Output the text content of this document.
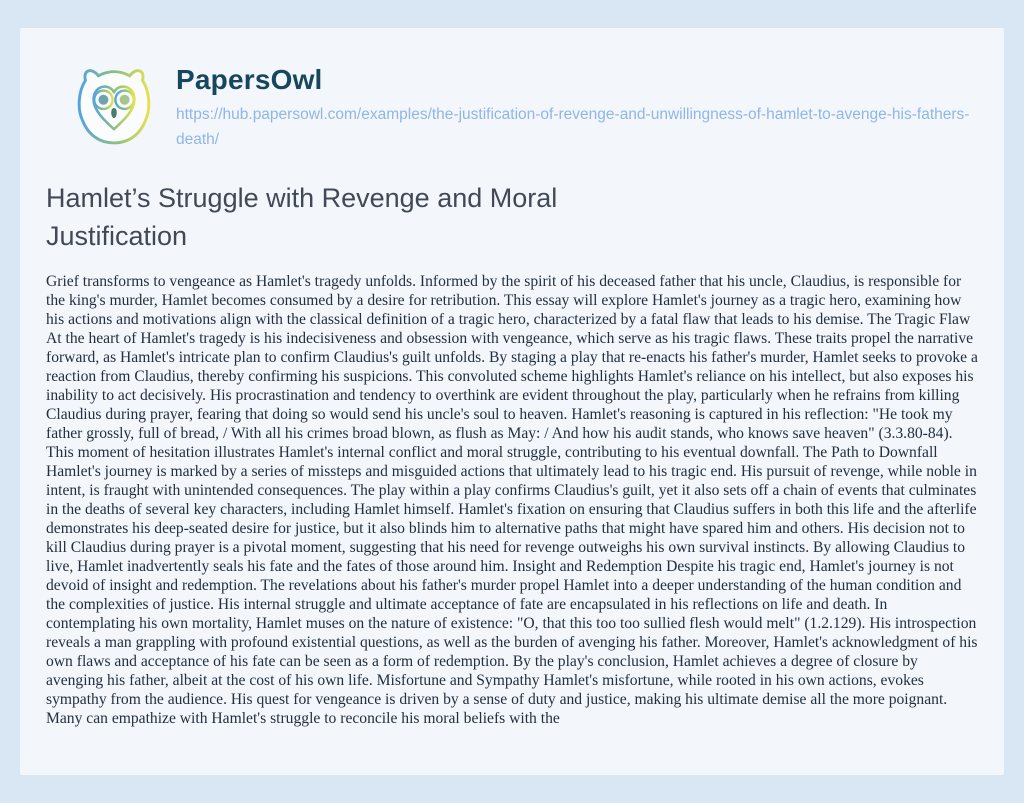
PapersOwl
https://hub.papersowl.com/examples/the-justification-of-revenge-and-unwillingness-of-hamlet-to-avenge-his-fathers-death/
Hamlet’s Struggle with Revenge and Moral Justification

Grief transforms to vengeance as Hamlet's tragedy unfolds. Informed by the spirit of his deceased father that his uncle, Claudius, is responsible for the king's murder, Hamlet becomes consumed by a desire for retribution. This essay will explore Hamlet's journey as a tragic hero, examining how his actions and motivations align with the classical definition of a tragic hero, characterized by a fatal flaw that leads to his demise. The Tragic Flaw At the heart of Hamlet's tragedy is his indecisiveness and obsession with vengeance, which serve as his tragic flaws. These traits propel the narrative forward, as Hamlet's intricate plan to confirm Claudius's guilt unfolds. By staging a play that re-enacts his father's murder, Hamlet seeks to provoke a reaction from Claudius, thereby confirming his suspicions. This convoluted scheme highlights Hamlet's reliance on his intellect, but also exposes his inability to act decisively. His procrastination and tendency to overthink are evident throughout the play, particularly when he refrains from killing Claudius during prayer, fearing that doing so would send his uncle's soul to heaven. Hamlet's reasoning is captured in his reflection: "He took my father grossly, full of bread, / With all his crimes broad blown, as flush as May: / And how his audit stands, who knows save heaven" (3.3.80-84). This moment of hesitation illustrates Hamlet's internal conflict and moral struggle, contributing to his eventual downfall. The Path to Downfall Hamlet's journey is marked by a series of missteps and misguided actions that ultimately lead to his tragic end. His pursuit of revenge, while noble in intent, is fraught with unintended consequences. The play within a play confirms Claudius's guilt, yet it also sets off a chain of events that culminates in the deaths of several key characters, including Hamlet himself. Hamlet's fixation on ensuring that Claudius suffers in both this life and the afterlife demonstrates his deep-seated desire for justice, but it also blinds him to alternative paths that might have spared him and others. His decision not to kill Claudius during prayer is a pivotal moment, suggesting that his need for revenge outweighs his own survival instincts. By allowing Claudius to live, Hamlet inadvertently seals his fate and the fates of those around him. Insight and Redemption Despite his tragic end, Hamlet's journey is not devoid of insight and redemption. The revelations about his father's murder propel Hamlet into a deeper understanding of the human condition and the complexities of justice. His internal struggle and ultimate acceptance of fate are encapsulated in his reflections on life and death. In contemplating his own mortality, Hamlet muses on the nature of existence: "O, that this too too sullied flesh would melt" (1.2.129). His introspection reveals a man grappling with profound existential questions, as well as the burden of avenging his father. Moreover, Hamlet's acknowledgment of his own flaws and acceptance of his fate can be seen as a form of redemption. By the play's conclusion, Hamlet achieves a degree of closure by avenging his father, albeit at the cost of his own life. Misfortune and Sympathy Hamlet's misfortune, while rooted in his own actions, evokes sympathy from the audience. His quest for vengeance is driven by a sense of duty and justice, making his ultimate demise all the more poignant. Many can empathize with Hamlet's struggle to reconcile his moral beliefs with the
